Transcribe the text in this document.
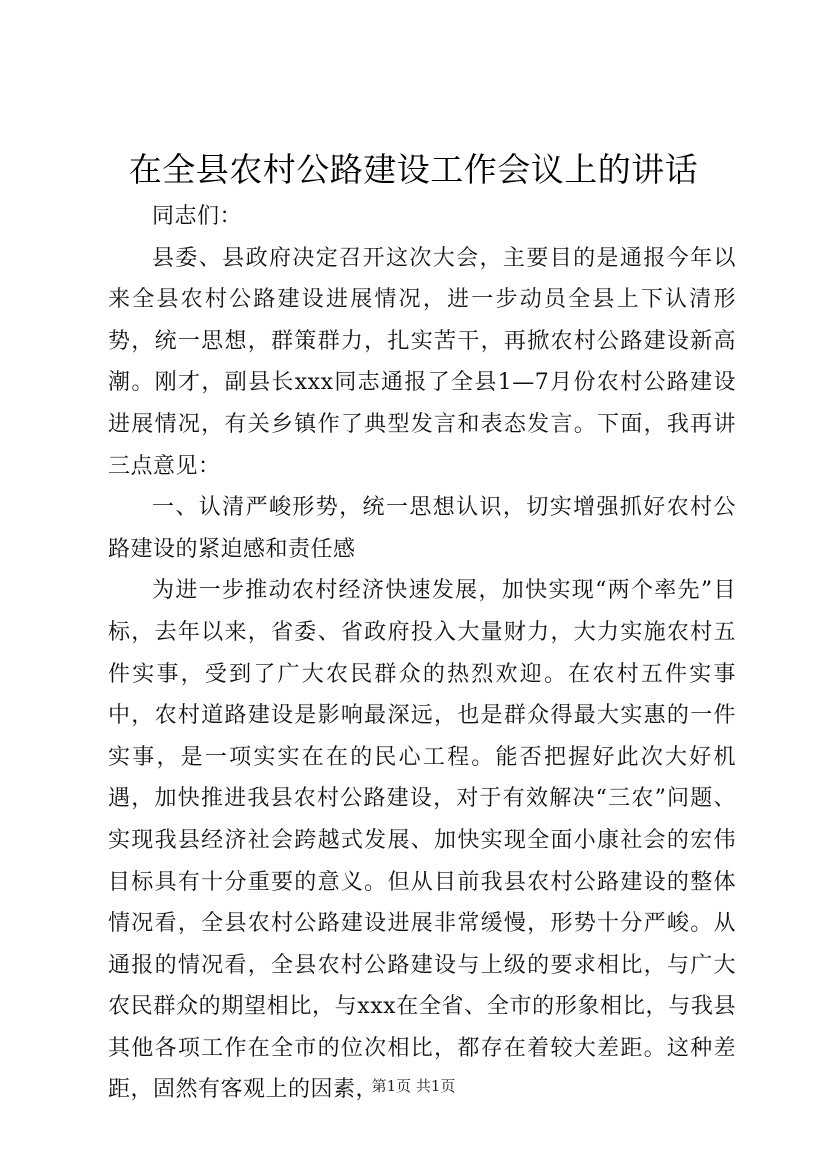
在全县农村公路建设工作会议上的讲话

同志们：

县委、县政府决定召开这次大会，主要目的是通报今年以来全县农村公路建设进展情况，进一步动员全县上下认清形势，统一思想，群策群力，扎实苦干，再掀农村公路建设新高潮。刚才，副县长xxx同志通报了全县1—7月份农村公路建设进展情况，有关乡镇作了典型发言和表态发言。下面，我再讲三点意见：

一、认清严峻形势，统一思想认识，切实增强抓好农村公路建设的紧迫感和责任感

为进一步推动农村经济快速发展，加快实现“两个率先”目标，去年以来，省委、省政府投入大量财力，大力实施农村五件实事，受到了广大农民群众的热烈欢迎。在农村五件实事中，农村道路建设是影响最深远，也是群众得最大实惠的一件实事，是一项实实在在的民心工程。能否把握好此次大好机遇，加快推进我县农村公路建设，对于有效解决“三农”问题、实现我县经济社会跨越式发展、加快实现全面小康社会的宏伟目标具有十分重要的意义。但从目前我县农村公路建设的整体情况看，全县农村公路建设进展非常缓慢，形势十分严峻。从通报的情况看，全县农村公路建设与上级的要求相比，与广大农民群众的期望相比，与xxx在全省、全市的形象相比，与我县其他各项工作在全市的位次相比，都存在着较大差距。这种差距，固然有客观上的因素，

第1页 共1页
